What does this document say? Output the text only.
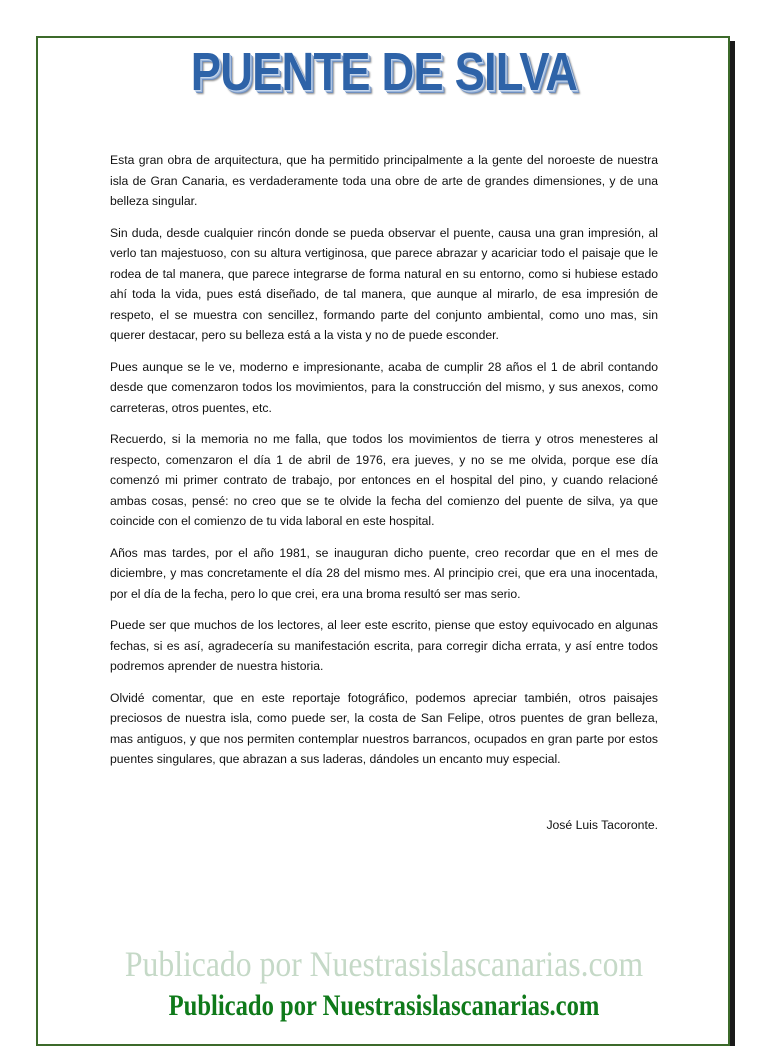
PUENTE DE SILVA

Esta gran obra de arquitectura, que ha permitido principalmente a la gente del noroeste de nuestra isla de Gran Canaria, es verdaderamente toda una obre de arte de grandes dimensiones, y de una belleza singular.

Sin duda, desde cualquier rincón donde se pueda observar el puente, causa una gran impresión, al verlo tan majestuoso, con su altura vertiginosa, que parece abrazar y acariciar todo el paisaje que le rodea de tal manera, que parece integrarse de forma natural en su entorno, como si hubiese estado ahí toda la vida, pues está diseñado, de tal manera, que aunque al mirarlo, de esa impresión de respeto, el se muestra con sencillez, formando parte del conjunto ambiental, como uno mas, sin querer destacar, pero su belleza está a la vista y no de puede esconder.

Pues aunque se le ve, moderno e impresionante, acaba de cumplir 28 años el 1 de abril contando desde que comenzaron todos los movimientos, para la construcción del mismo, y sus anexos, como carreteras, otros puentes, etc.

Recuerdo, si la memoria no me falla, que todos los movimientos de tierra y otros menesteres al respecto, comenzaron el día 1 de abril de 1976, era jueves, y no se me olvida, porque ese día comenzó mi primer contrato de trabajo, por entonces en el hospital del pino, y cuando relacioné ambas cosas, pensé: no creo que se te olvide la fecha del comienzo del puente de silva, ya que coincide con el comienzo de tu vida laboral en este hospital.

Años mas tardes, por el año 1981, se inauguran dicho puente, creo recordar que en el mes de diciembre, y mas concretamente el día 28 del mismo mes. Al principio crei, que era una inocentada, por el día de la fecha, pero lo que crei, era una broma resultó ser mas serio.

Puede ser que muchos de los lectores, al leer este escrito, piense que estoy equivocado en algunas fechas, si es así, agradecería su manifestación escrita, para corregir dicha errata, y así entre todos podremos aprender de nuestra historia.

Olvidé comentar, que en este reportaje fotográfico, podemos apreciar también, otros paisajes preciosos de nuestra isla, como puede ser, la costa de San Felipe, otros puentes de gran belleza, mas antiguos, y que nos permiten contemplar nuestros barrancos, ocupados en gran parte por estos puentes singulares, que abrazan a sus laderas, dándoles un encanto muy especial.

José Luis Tacoronte.
Publicado por Nuestrasislascanarias.com
Publicado por Nuestrasislascanarias.com
